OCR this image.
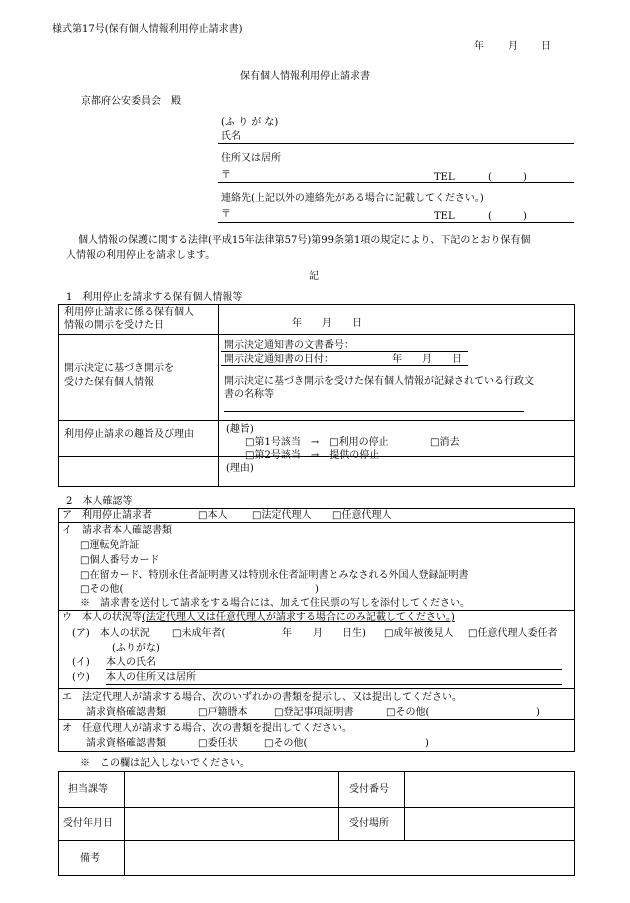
様式第17号(保有個人情報利用停止請求書)
年 月 日
保有個人情報利用停止請求書
京都府公安委員会　殿
(ふ り が な)
氏名
住所又は居所
〒	TEL	(	)
連絡先(上記以外の連絡先がある場合に記載してください。)
〒	TEL	(	)
個人情報の保護に関する法律(平成15年法律第57号)第99条第1項の規定により、下記のとおり保有個
人情報の利用停止を請求します。
記
1　利用停止を請求する保有個人情報等
利用停止請求に係る保有個人
情報の開示を受けた日	年　　月　　日
開示決定に基づき開示を
受けた保有個人情報
開示決定通知書の文書番号：
開示決定通知書の日付：	年　　月　　日
開示決定に基づき開示を受けた保有個人情報が記録されている行政文
書の名称等
利用停止請求の趣旨及び理由	(趣旨)
□ 第1号該当　→　□ 利用の停止 □	消去
□ 第2号該当　→　提供の停止
(理由)
2　本人確認等
ア　利用停止請求者 □	本人 □	法定代理人 □	任意代理人
イ　請求者本人確認書類
□ 運転免許証
□ 個人番号カード
□ 在留カード、特別永住者証明書又は特別永住者証明書とみなされる外国人登録証明書
□ その他(	)
※　請求書を送付して請求をする場合には、加えて住民票の写しを添付してください。
ウ　本人の状況等(法定代理人又は任意代理人が請求する場合にのみ記載してください。)
(ア)　本人の状況 □	未成年者(	年 月 日生) □	成年被後見人 □	任意代理人委任者
(ふりがな)
(イ) 本人の氏名
(ウ) 本人の住所又は居所
エ　法定代理人が請求する場合、次のいずれかの書類を提示し、又は提出してください。
請求資格確認書類 □	戸籍謄本 □	登記事項証明書 □	その他(	)
オ　任意代理人が請求する場合、次の書類を提出してください。
請求資格確認書類 □	委任状 □	その他(	)
※　この欄は記入しないでください。
担当課等	受付番号
受付年月日	受付場所
備考
